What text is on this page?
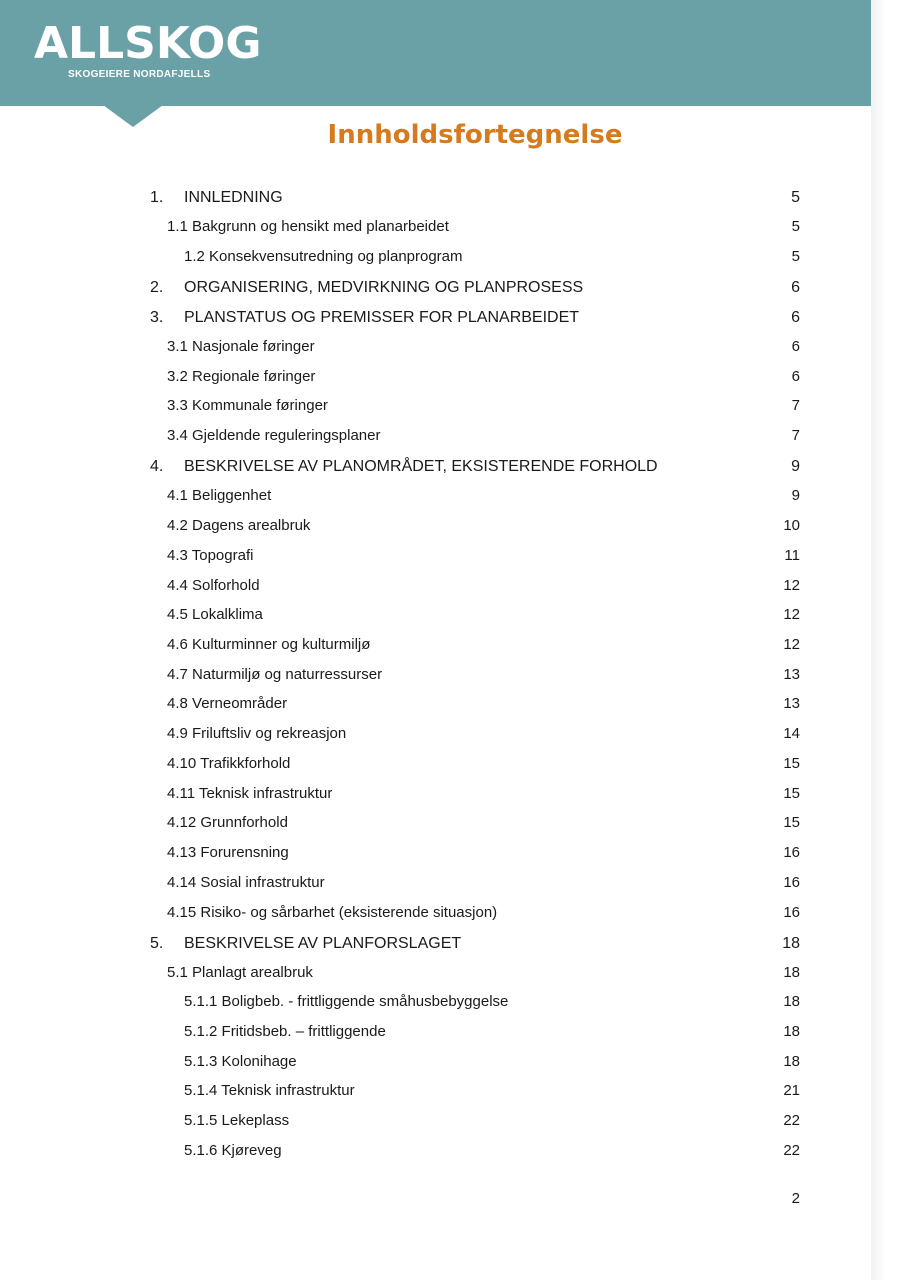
ALLSKOG
SKOGEIERE NORDAFJELLS
Innholdsfortegnelse
1. INNLEDNING	5
1.1 Bakgrunn og hensikt med planarbeidet	5
1.2 Konsekvensutredning og planprogram	5
2. ORGANISERING, MEDVIRKNING OG PLANPROSESS	6
3. PLANSTATUS OG PREMISSER FOR PLANARBEIDET	6
3.1 Nasjonale føringer	6
3.2 Regionale føringer	6
3.3 Kommunale føringer	7
3.4 Gjeldende reguleringsplaner	7
4. BESKRIVELSE AV PLANOMRÅDET, EKSISTERENDE FORHOLD	9
4.1 Beliggenhet	9
4.2 Dagens arealbruk	10
4.3 Topografi	11
4.4 Solforhold	12
4.5 Lokalklima	12
4.6 Kulturminner og kulturmiljø	12
4.7 Naturmiljø og naturressurser	13
4.8 Verneområder	13
4.9 Friluftsliv og rekreasjon	14
4.10 Trafikkforhold	15
4.11 Teknisk infrastruktur	15
4.12 Grunnforhold	15
4.13 Forurensning	16
4.14 Sosial infrastruktur	16
4.15 Risiko- og sårbarhet (eksisterende situasjon)	16
5. BESKRIVELSE AV PLANFORSLAGET	18
5.1 Planlagt arealbruk	18
5.1.1 Boligbeb. - frittliggende småhusbebyggelse	18
5.1.2 Fritidsbeb. – frittliggende	18
5.1.3 Kolonihage	18
5.1.4 Teknisk infrastruktur	21
5.1.5 Lekeplass	22
5.1.6 Kjøreveg	22
2
